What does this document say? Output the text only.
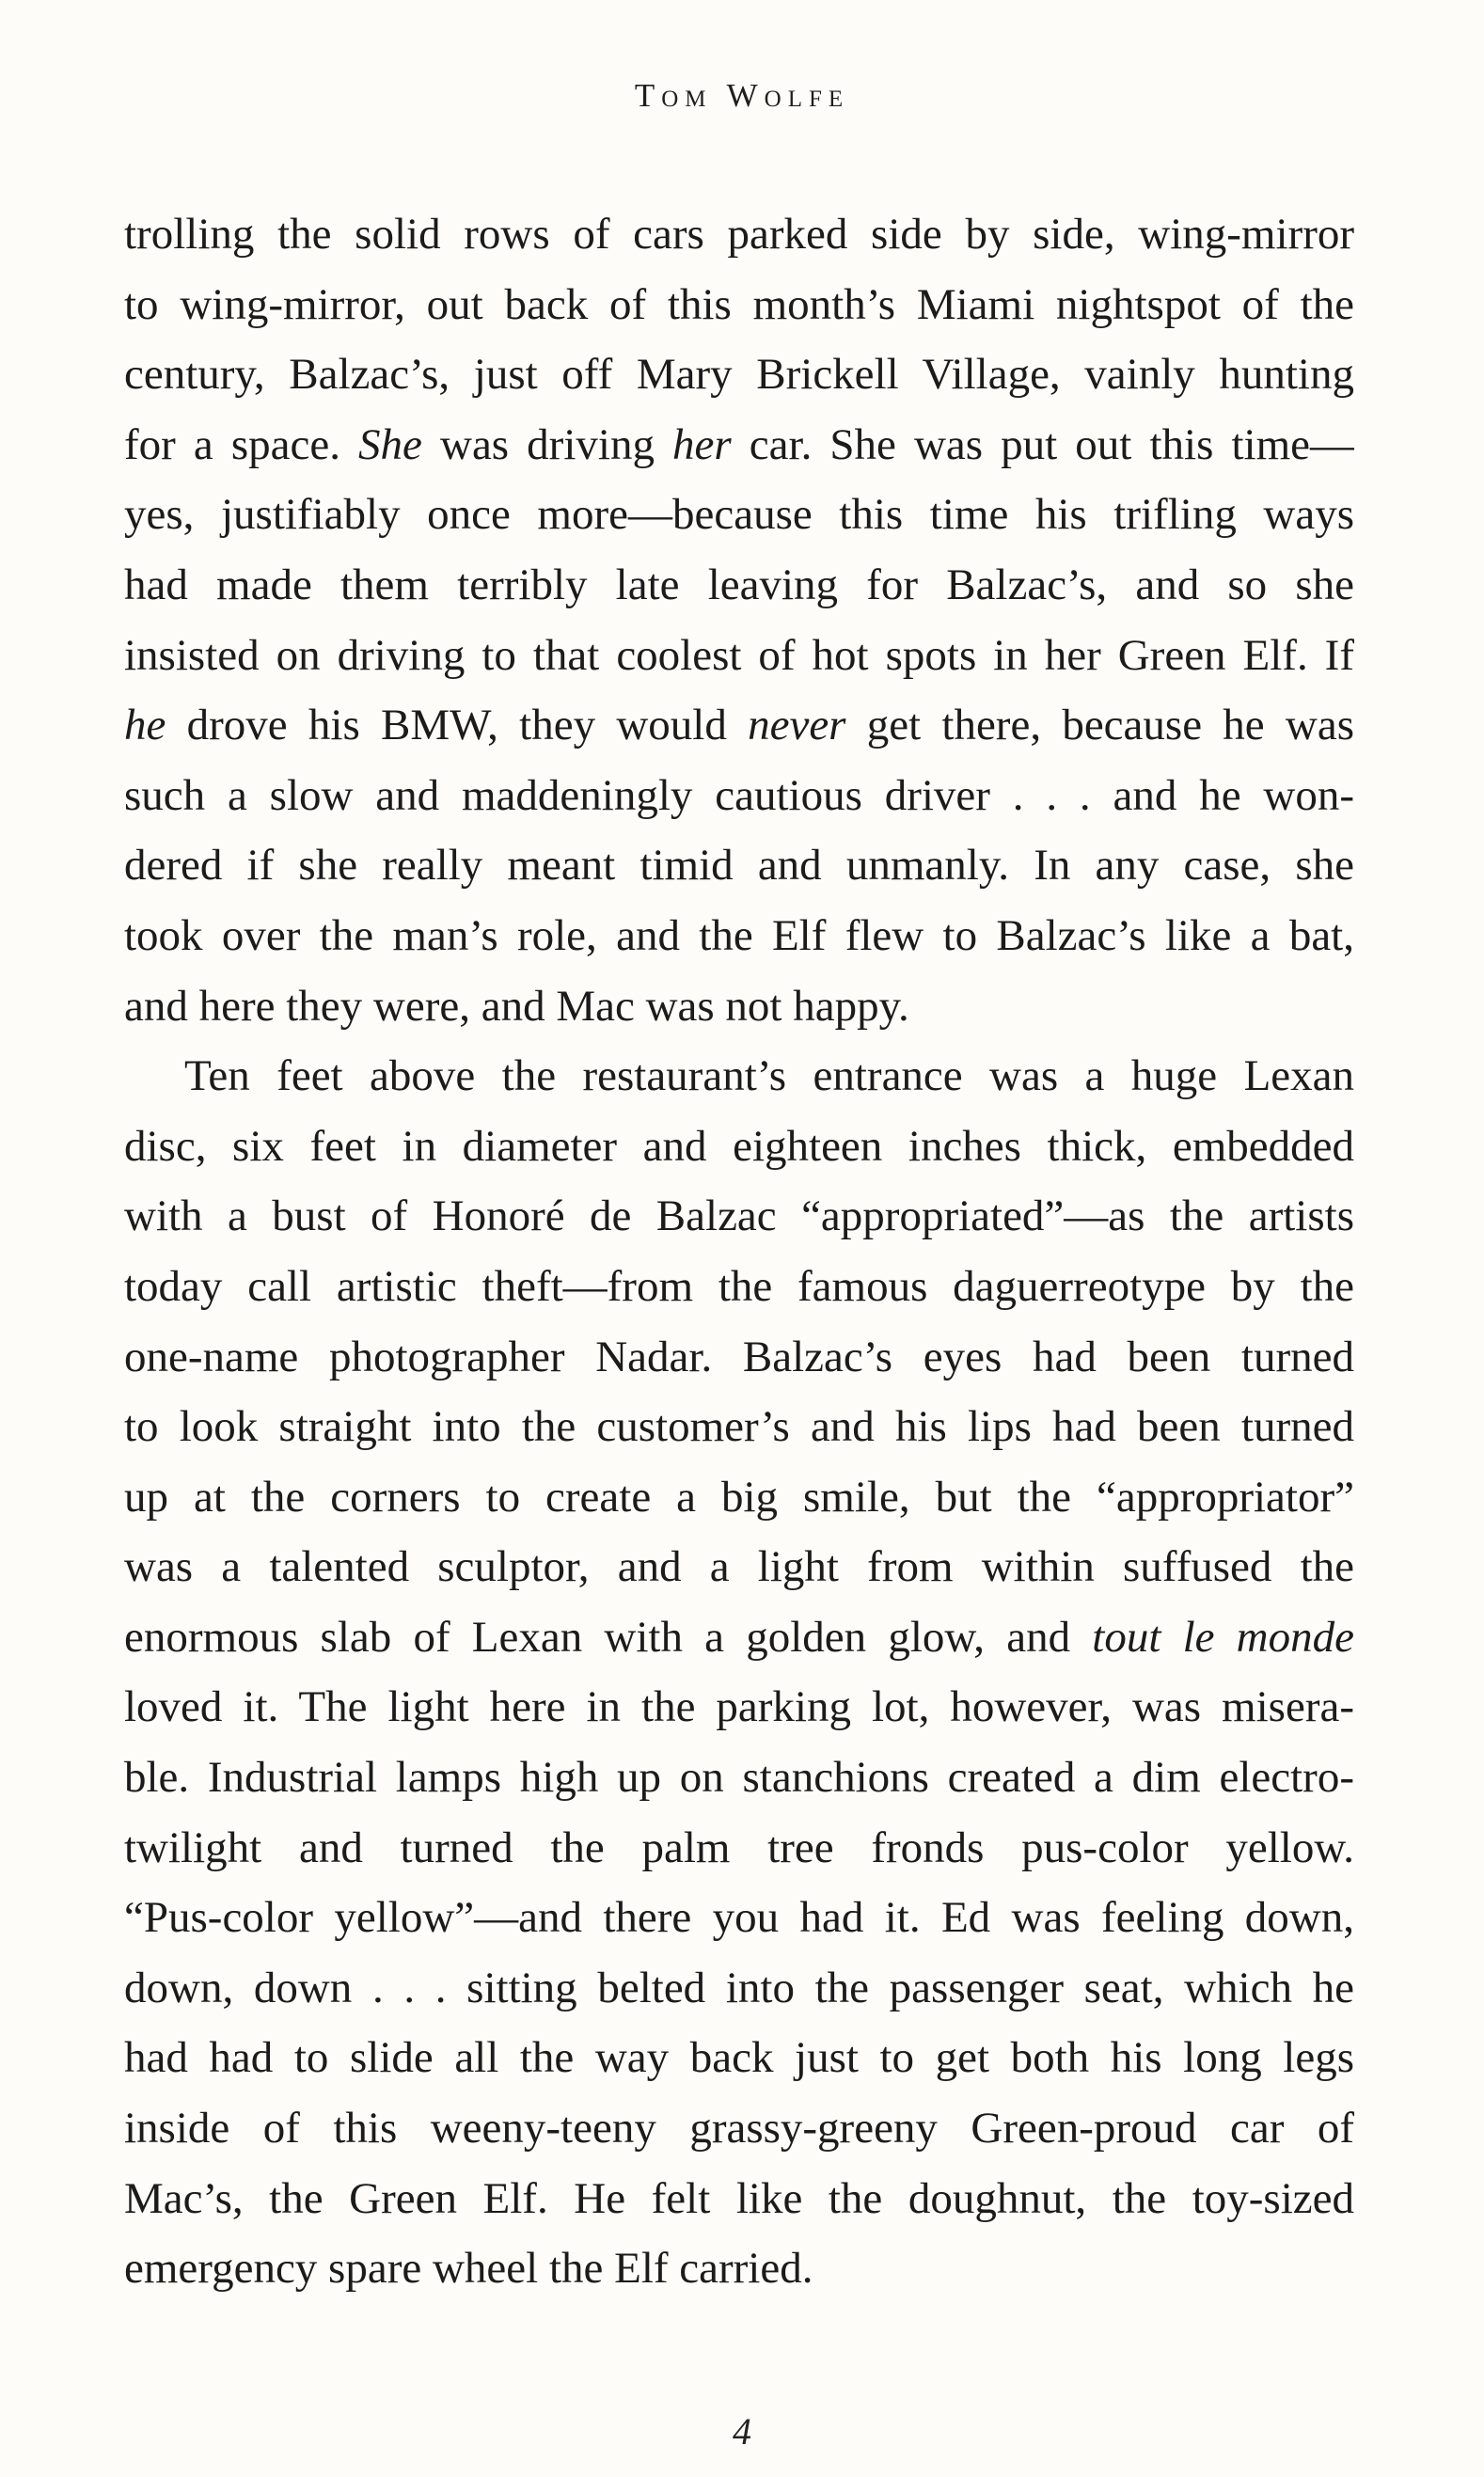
Tom Wolfe
trolling the solid rows of cars parked side by side, wing-mirror
to wing-mirror, out back of this month’s Miami nightspot of the
century, Balzac’s, just off Mary Brickell Village, vainly hunting
for a space. She was driving her car. She was put out this time—
yes, justifiably once more—because this time his trifling ways
had made them terribly late leaving for Balzac’s, and so she
insisted on driving to that coolest of hot spots in her Green Elf. If
he drove his BMW, they would never get there, because he was
such a slow and maddeningly cautious driver . . . and he won-
dered if she really meant timid and unmanly. In any case, she
took over the man’s role, and the Elf flew to Balzac’s like a bat,
and here they were, and Mac was not happy.
Ten feet above the restaurant’s entrance was a huge Lexan
disc, six feet in diameter and eighteen inches thick, embedded
with a bust of Honoré de Balzac “appropriated”—as the artists
today call artistic theft—from the famous daguerreotype by the
one-name photographer Nadar. Balzac’s eyes had been turned
to look straight into the customer’s and his lips had been turned
up at the corners to create a big smile, but the “appropriator”
was a talented sculptor, and a light from within suffused the
enormous slab of Lexan with a golden glow, and tout le monde
loved it. The light here in the parking lot, however, was misera-
ble. Industrial lamps high up on stanchions created a dim electro-
twilight and turned the palm tree fronds pus-color yellow.
“Pus-color yellow”—and there you had it. Ed was feeling down,
down, down . . . sitting belted into the passenger seat, which he
had had to slide all the way back just to get both his long legs
inside of this weeny-teeny grassy-greeny Green-proud car of
Mac’s, the Green Elf. He felt like the doughnut, the toy-sized
emergency spare wheel the Elf carried.
4
